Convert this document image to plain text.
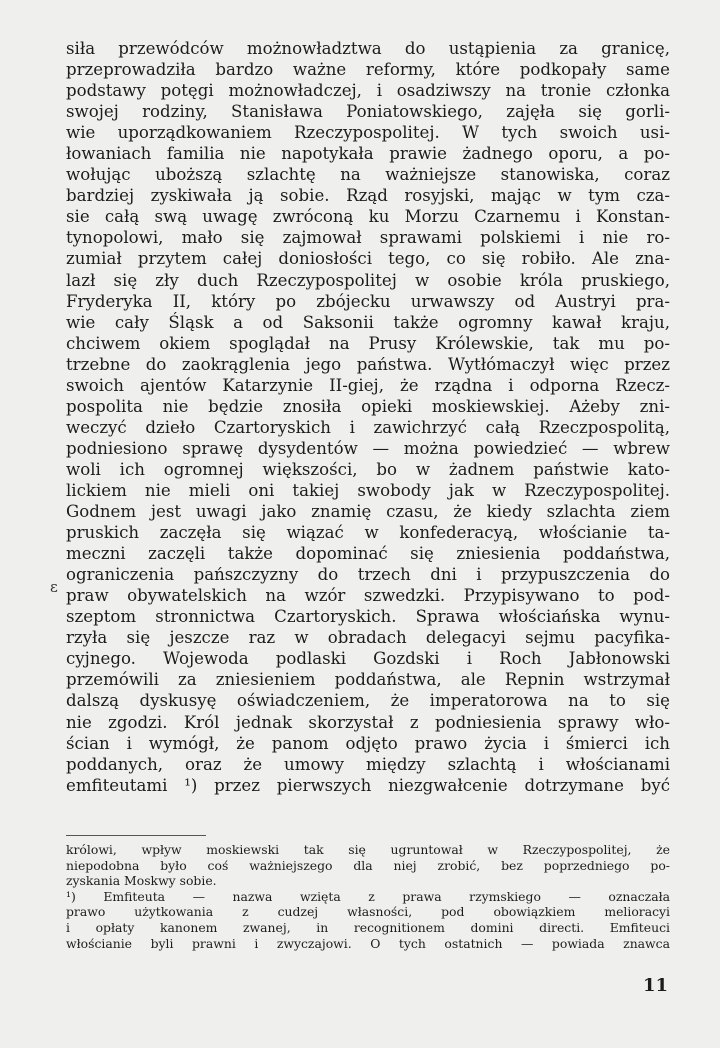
siła przewódców możnowładztwa do ustąpienia za granicę,
przeprowadziła bardzo ważne reformy, które podkopały same
podstawy potęgi możnowładczej, i osadziwszy na tronie członka
swojej rodziny, Stanisława Poniatowskiego, zajęła się gorli-
wie uporządkowaniem Rzeczypospolitej. W tych swoich usi-
łowaniach familia nie napotykała prawie żadnego oporu, a po-
wołując uboższą szlachtę na ważniejsze stanowiska, coraz
bardziej zyskiwała ją sobie. Rząd rosyjski, mając w tym cza-
sie całą swą uwagę zwróconą ku Morzu Czarnemu i Konstan-
tynopolowi, mało się zajmował sprawami polskiemi i nie ro-
zumiał przytem całej doniosłości tego, co się robiło. Ale zna-
lazł się zły duch Rzeczypospolitej w osobie króla pruskiego,
Fryderyka II, który po zbójecku urwawszy od Austryi pra-
wie cały Śląsk a od Saksonii także ogromny kawał kraju,
chciwem okiem spoglądał na Prusy Królewskie, tak mu po-
trzebne do zaokrąglenia jego państwa. Wytłómaczył więc przez
swoich ajentów Katarzynie II-giej, że rządna i odporna Rzecz-
pospolita nie będzie znosiła opieki moskiewskiej. Ażeby zni-
weczyć dzieło Czartoryskich i zawichrzyć całą Rzeczpospolitą,
podniesiono sprawę dysydentów — można powiedzieć — wbrew
woli ich ogromnej większości, bo w żadnem państwie kato-
lickiem nie mieli oni takiej swobody jak w Rzeczypospolitej.
Godnem jest uwagi jako znamię czasu, że kiedy szlachta ziem
pruskich zaczęła się wiązać w konfederacyą, włościanie ta-
meczni zaczęli także dopominać się zniesienia poddaństwa,
ograniczenia pańszczyzny do trzech dni i przypuszczenia do
praw obywatelskich na wzór szwedzki. Przypisywano to pod-
szeptom stronnictwa Czartoryskich. Sprawa włościańska wynu-
rzyła się jeszcze raz w obradach delegacyi sejmu pacyfika-
cyjnego. Wojewoda podlaski Gozdski i Roch Jabłonowski
przemówili za zniesieniem poddaństwa, ale Repnin wstrzymał
dalszą dyskusyę oświadczeniem, że imperatorowa na to się
nie zgodzi. Król jednak skorzystał z podniesienia sprawy wło-
ścian i wymógł, że panom odjęto prawo życia i śmierci ich
poddanych, oraz że umowy między szlachtą i włościanami
emfiteutami ¹) przez pierwszych niezgwałcenie dotrzymane być
ɛ
królowi, wpływ moskiewski tak się ugruntował w Rzeczypospolitej, że
niepodobna było coś ważniejszego dla niej zrobić, bez poprzedniego po-
zyskania Moskwy sobie.
¹) Emfiteuta — nazwa wzięta z prawa rzymskiego — oznaczała
prawo użytkowania z cudzej własności, pod obowiązkiem melioracyi
i opłaty kanonem zwanej, in recognitionem domini directi. Emfiteuci
włościanie byli prawni i zwyczajowi. O tych ostatnich — powiada znawca
11
